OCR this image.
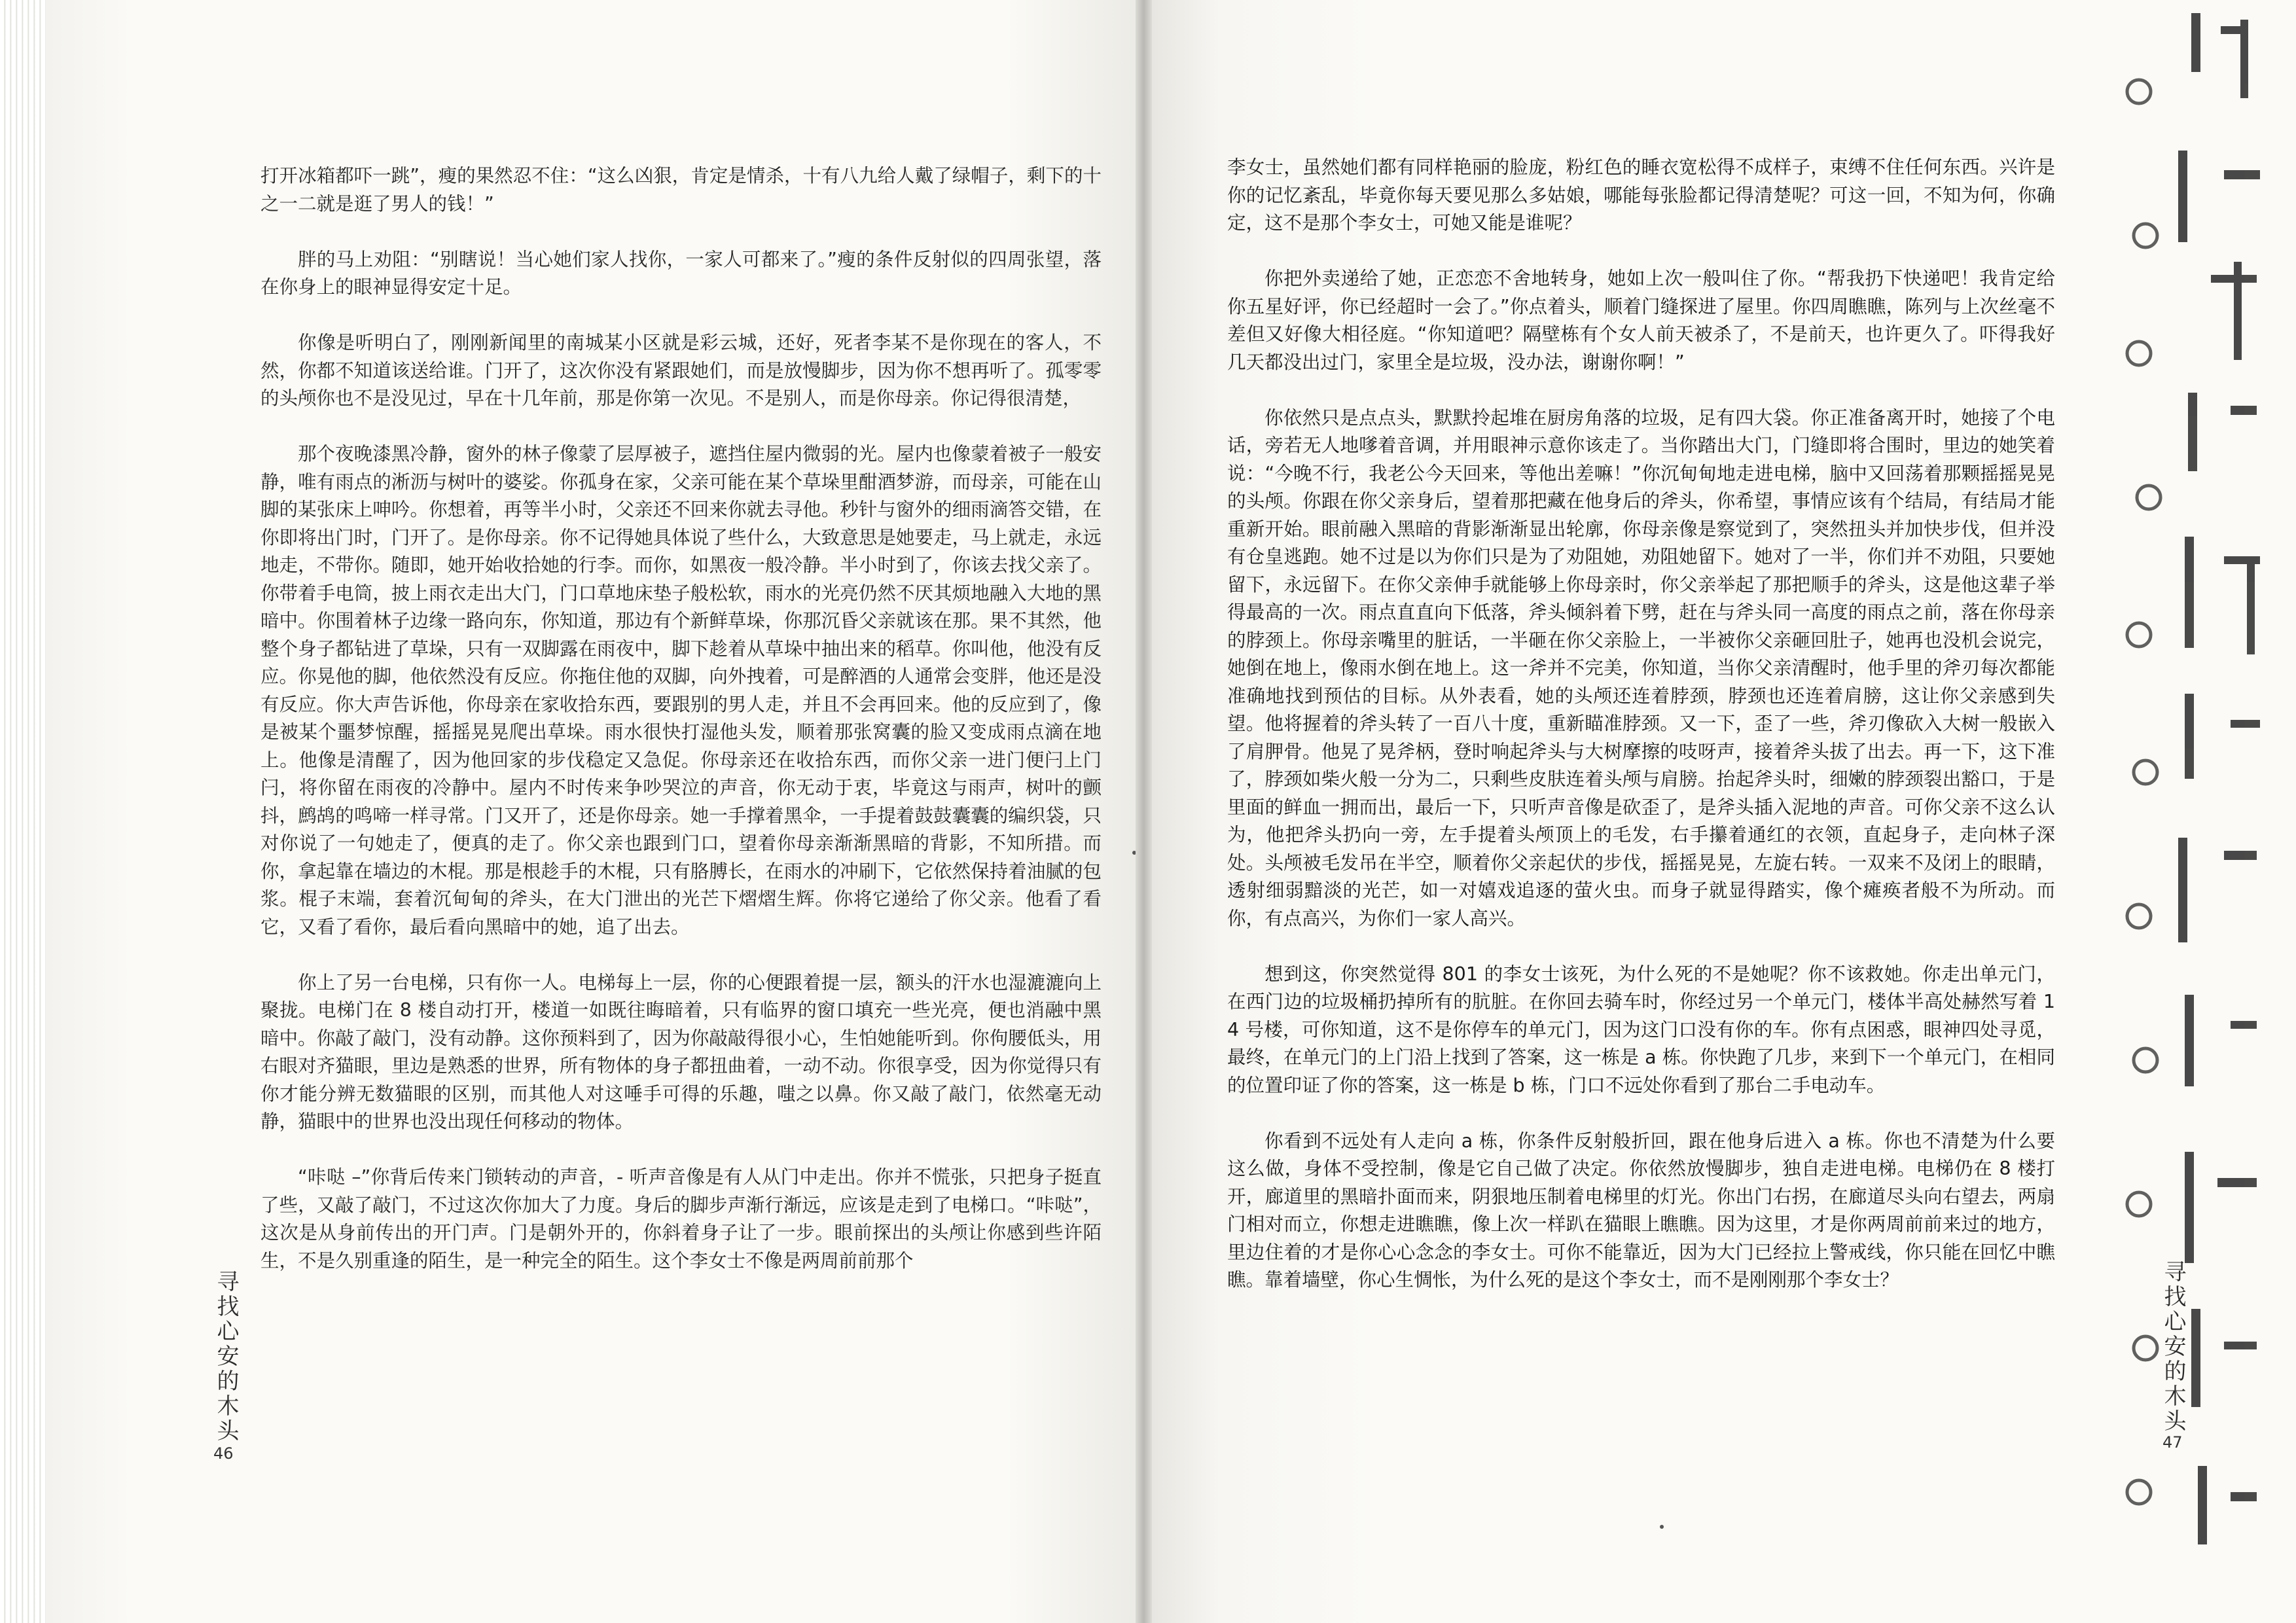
打开冰箱都吓一跳”，瘦的果然忍不住：“这么凶狠，肯定是情杀，十有八九给人戴了绿帽子，剩下的十之一二就是逛了男人的钱！”

胖的马上劝阻：“别瞎说！当心她们家人找你，一家人可都来了。”瘦的条件反射似的四周张望，落在你身上的眼神显得安定十足。

你像是听明白了，刚刚新闻里的南城某小区就是彩云城，还好，死者李某不是你现在的客人，不然，你都不知道该送给谁。门开了，这次你没有紧跟她们，而是放慢脚步，因为你不想再听了。孤零零的头颅你也不是没见过，早在十几年前，那是你第一次见。不是别人，而是你母亲。你记得很清楚，

那个夜晚漆黑冷静，窗外的林子像蒙了层厚被子，遮挡住屋内微弱的光。屋内也像蒙着被子一般安静，唯有雨点的淅沥与树叶的婆娑。你孤身在家，父亲可能在某个草垛里酣酒梦游，而母亲，可能在山脚的某张床上呻吟。你想着，再等半小时，父亲还不回来你就去寻他。秒针与窗外的细雨滴答交错，在你即将出门时，门开了。是你母亲。你不记得她具体说了些什么，大致意思是她要走，马上就走，永远地走，不带你。随即，她开始收拾她的行李。而你，如黑夜一般冷静。半小时到了，你该去找父亲了。你带着手电筒，披上雨衣走出大门，门口草地床垫子般松软，雨水的光亮仍然不厌其烦地融入大地的黑暗中。你围着林子边缘一路向东，你知道，那边有个新鲜草垛，你那沉昏父亲就该在那。果不其然，他整个身子都钻进了草垛，只有一双脚露在雨夜中，脚下趁着从草垛中抽出来的稻草。你叫他，他没有反应。你晃他的脚，他依然没有反应。你拖住他的双脚，向外拽着，可是醉酒的人通常会变胖，他还是没有反应。你大声告诉他，你母亲在家收拾东西，要跟别的男人走，并且不会再回来。他的反应到了，像是被某个噩梦惊醒，摇摇晃晃爬出草垛。雨水很快打湿他头发，顺着那张窝囊的脸又变成雨点滴在地上。他像是清醒了，因为他回家的步伐稳定又急促。你母亲还在收拾东西，而你父亲一进门便闩上门闩，将你留在雨夜的冷静中。屋内不时传来争吵哭泣的声音，你无动于衷，毕竟这与雨声，树叶的颤抖，鹧鸪的鸣啼一样寻常。门又开了，还是你母亲。她一手撑着黑伞，一手提着鼓鼓囊囊的编织袋，只对你说了一句她走了，便真的走了。你父亲也跟到门口，望着你母亲渐渐黑暗的背影，不知所措。而你，拿起靠在墙边的木棍。那是根趁手的木棍，只有胳膊长，在雨水的冲刷下，它依然保持着油腻的包浆。棍子末端，套着沉甸甸的斧头，在大门泄出的光芒下熠熠生辉。你将它递给了你父亲。他看了看它，又看了看你，最后看向黑暗中的她，追了出去。

你上了另一台电梯，只有你一人。电梯每上一层，你的心便跟着提一层，额头的汗水也湿漉漉向上聚拢。电梯门在 8 楼自动打开，楼道一如既往晦暗着，只有临界的窗口填充一些光亮，便也消融中黑暗中。你敲了敲门，没有动静。这你预料到了，因为你敲敲得很小心，生怕她能听到。你佝腰低头，用右眼对齐猫眼，里边是熟悉的世界，所有物体的身子都扭曲着，一动不动。你很享受，因为你觉得只有你才能分辨无数猫眼的区别，而其他人对这唾手可得的乐趣，嗤之以鼻。你又敲了敲门，依然毫无动静，猫眼中的世界也没出现任何移动的物体。

“咔哒 –”你背后传来门锁转动的声音，- 听声音像是有人从门中走出。你并不慌张，只把身子挺直了些，又敲了敲门，不过这次你加大了力度。身后的脚步声渐行渐远，应该是走到了电梯口。“咔哒”，这次是从身前传出的开门声。门是朝外开的，你斜着身子让了一步。眼前探出的头颅让你感到些许陌生，不是久别重逢的陌生，是一种完全的陌生。这个李女士不像是两周前前那个

寻找心安的木头
46

李女士，虽然她们都有同样艳丽的脸庞，粉红色的睡衣宽松得不成样子，束缚不住任何东西。兴许是你的记忆紊乱，毕竟你每天要见那么多姑娘，哪能每张脸都记得清楚呢？可这一回，不知为何，你确定，这不是那个李女士，可她又能是谁呢？

你把外卖递给了她，正恋恋不舍地转身，她如上次一般叫住了你。“帮我扔下快递吧！我肯定给你五星好评，你已经超时一会了。”你点着头，顺着门缝探进了屋里。你四周瞧瞧，陈列与上次丝毫不差但又好像大相径庭。“你知道吧？隔壁栋有个女人前天被杀了，不是前天，也许更久了。吓得我好几天都没出过门，家里全是垃圾，没办法，谢谢你啊！”

你依然只是点点头，默默拎起堆在厨房角落的垃圾，足有四大袋。你正准备离开时，她接了个电话，旁若无人地嗲着音调，并用眼神示意你该走了。当你踏出大门，门缝即将合围时，里边的她笑着说：“今晚不行，我老公今天回来，等他出差嘛！”你沉甸甸地走进电梯，脑中又回荡着那颗摇摇晃晃的头颅。你跟在你父亲身后，望着那把藏在他身后的斧头，你希望，事情应该有个结局，有结局才能重新开始。眼前融入黑暗的背影渐渐显出轮廓，你母亲像是察觉到了，突然扭头并加快步伐，但并没有仓皇逃跑。她不过是以为你们只是为了劝阻她，劝阻她留下。她对了一半，你们并不劝阻，只要她留下，永远留下。在你父亲伸手就能够上你母亲时，你父亲举起了那把顺手的斧头，这是他这辈子举得最高的一次。雨点直直向下低落，斧头倾斜着下劈，赶在与斧头同一高度的雨点之前，落在你母亲的脖颈上。你母亲嘴里的脏话，一半砸在你父亲脸上，一半被你父亲砸回肚子，她再也没机会说完，她倒在地上，像雨水倒在地上。这一斧并不完美，你知道，当你父亲清醒时，他手里的斧刃每次都能准确地找到预估的目标。从外表看，她的头颅还连着脖颈，脖颈也还连着肩膀，这让你父亲感到失望。他将握着的斧头转了一百八十度，重新瞄准脖颈。又一下，歪了一些，斧刃像砍入大树一般嵌入了肩胛骨。他晃了晃斧柄，登时响起斧头与大树摩擦的吱呀声，接着斧头拔了出去。再一下，这下准了，脖颈如柴火般一分为二，只剩些皮肤连着头颅与肩膀。抬起斧头时，细嫩的脖颈裂出豁口，于是里面的鲜血一拥而出，最后一下，只听声音像是砍歪了，是斧头插入泥地的声音。可你父亲不这么认为，他把斧头扔向一旁，左手提着头颅顶上的毛发，右手攥着通红的衣领，直起身子，走向林子深处。头颅被毛发吊在半空，顺着你父亲起伏的步伐，摇摇晃晃，左旋右转。一双来不及闭上的眼睛，透射细弱黯淡的光芒，如一对嬉戏追逐的萤火虫。而身子就显得踏实，像个瘫痪者般不为所动。而你，有点高兴，为你们一家人高兴。

想到这，你突然觉得 801 的李女士该死，为什么死的不是她呢？你不该救她。你走出单元门，在西门边的垃圾桶扔掉所有的肮脏。在你回去骑车时，你经过另一个单元门，楼体半高处赫然写着 14 号楼，可你知道，这不是你停车的单元门，因为这门口没有你的车。你有点困惑，眼神四处寻觅，最终，在单元门的上门沿上找到了答案，这一栋是 a 栋。你快跑了几步，来到下一个单元门，在相同的位置印证了你的答案，这一栋是 b 栋，门口不远处你看到了那台二手电动车。

你看到不远处有人走向 a 栋，你条件反射般折回，跟在他身后进入 a 栋。你也不清楚为什么要这么做，身体不受控制，像是它自己做了决定。你依然放慢脚步，独自走进电梯。电梯仍在 8 楼打开，廊道里的黑暗扑面而来，阴狠地压制着电梯里的灯光。你出门右拐，在廊道尽头向右望去，两扇门相对而立，你想走进瞧瞧，像上次一样趴在猫眼上瞧瞧。因为这里，才是你两周前前来过的地方，里边住着的才是你心心念念的李女士。可你不能靠近，因为大门已经拉上警戒线，你只能在回忆中瞧瞧。靠着墙壁，你心生惆怅，为什么死的是这个李女士，而不是刚刚那个李女士？	寻找心安的木头
47
